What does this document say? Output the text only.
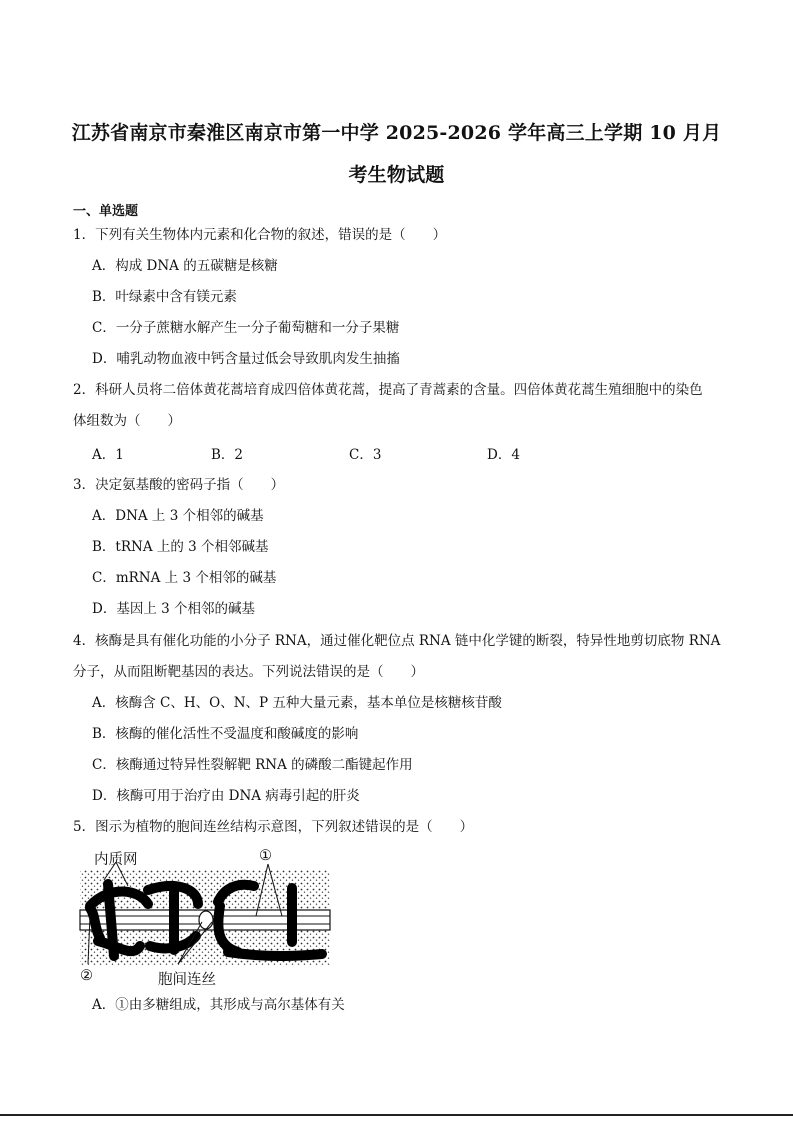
江苏省南京市秦淮区南京市第一中学 2025-2026 学年高三上学期 10 月月
考生物试题
一、单选题
1．下列有关生物体内元素和化合物的叙述，错误的是（　　）
A．构成 DNA 的五碳糖是核糖
B．叶绿素中含有镁元素
C．一分子蔗糖水解产生一分子葡萄糖和一分子果糖
D．哺乳动物血液中钙含量过低会导致肌肉发生抽搐
2．科研人员将二倍体黄花蒿培育成四倍体黄花蒿，提高了青蒿素的含量。四倍体黄花蒿生殖细胞中的染色
体组数为（　　）
A．1	B．2	C．3	D．4
3．决定氨基酸的密码子指（　　）
A．DNA 上 3 个相邻的碱基
B．tRNA 上的 3 个相邻碱基
C．mRNA 上 3 个相邻的碱基
D．基因上 3 个相邻的碱基
4．核酶是具有催化功能的小分子 RNA，通过催化靶位点 RNA 链中化学键的断裂，特异性地剪切底物 RNA
分子，从而阻断靶基因的表达。下列说法错误的是（　　）
A．核酶含 C、H、O、N、P 五种大量元素，基本单位是核糖核苷酸
B．核酶的催化活性不受温度和酸碱度的影响
C．核酶通过特异性裂解靶 RNA 的磷酸二酯键起作用
D．核酶可用于治疗由 DNA 病毒引起的肝炎
5．图示为植物的胞间连丝结构示意图，下列叙述错误的是（　　）
内质网	①
②	胞间连丝
A．①由多糖组成，其形成与高尔基体有关
